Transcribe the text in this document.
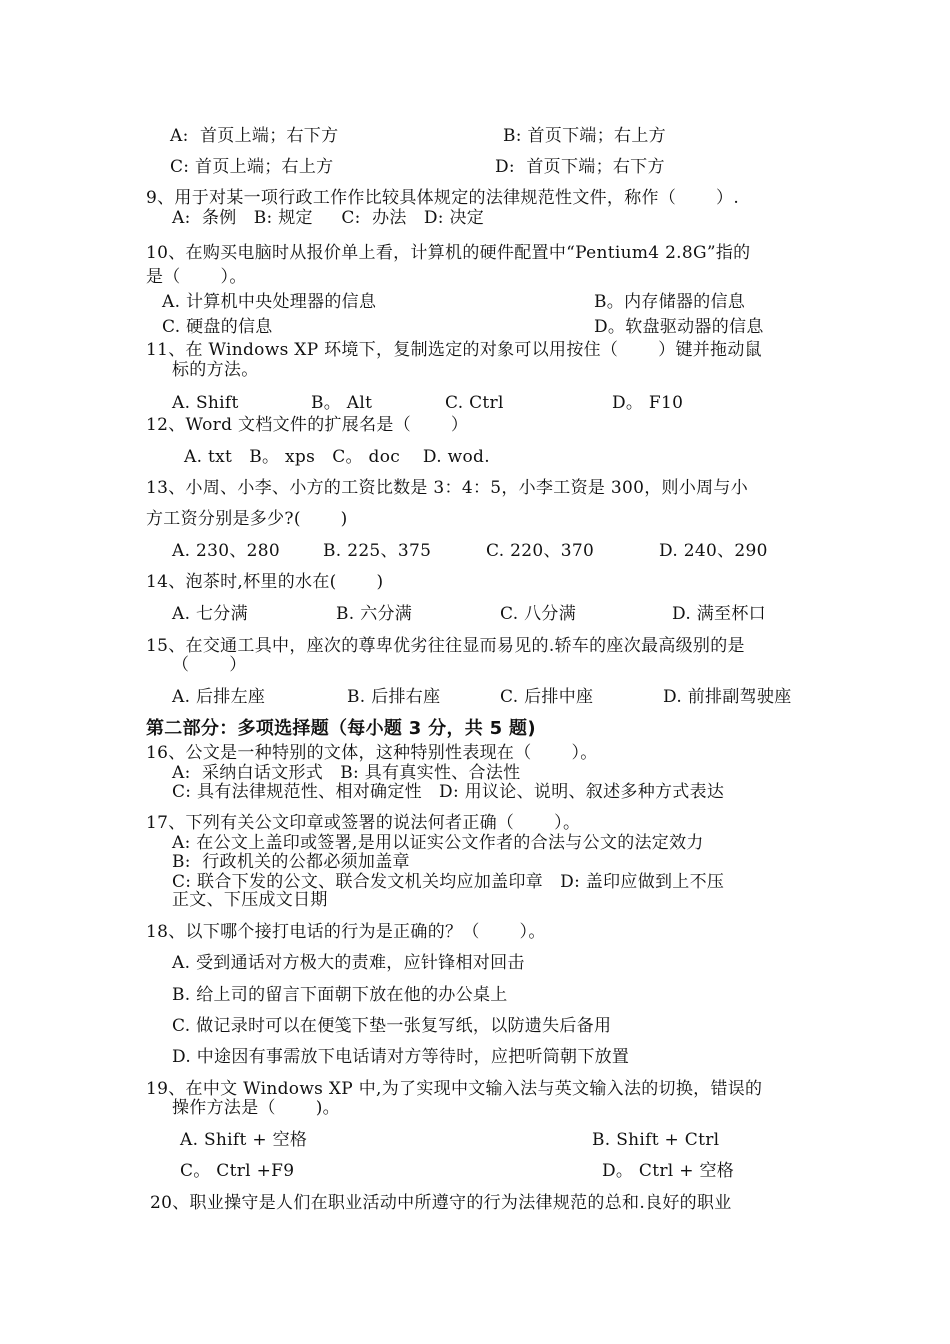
A:  首页上端；右下方	B: 首页下端；右上方
C: 首页上端；右上方	D:  首页下端；右下方
9、用于对某一项行政工作作比较具体规定的法律规范性文件，称作（       ）.
A:  条例   B: 规定     C:  办法   D: 决定
10、在购买电脑时从报价单上看，计算机的硬件配置中“Pentium4 2.8G”指的
是（       ）。
A. 计算机中央处理器的信息	B。内存储器的信息
C. 硬盘的信息	D。软盘驱动器的信息
11、在 Windows XP 环境下，复制选定的对象可以用按住（       ）键并拖动鼠
标的方法。
A. Shift	B。 Alt	C. Ctrl	D。 F10
12、Word 文档文件的扩展名是（       ）
A. txt   B。 xps   C。 doc    D. wod.
13、小周、小李、小方的工资比数是 3：4：5，小李工资是 300，则小周与小
方工资分别是多少?(       )
A. 230、280	B. 225、375	C. 220、370	D. 240、290
14、泡茶时,杯里的水在(       )
A. 七分满	B. 六分满	C. 八分满	D. 满至杯口
15、在交通工具中，座次的尊卑优劣往往显而易见的.轿车的座次最高级别的是
（       ）
A. 后排左座	B. 后排右座	C. 后排中座	D. 前排副驾驶座
第二部分：多项选择题（每小题 3 分，共 5 题)
16、公文是一种特别的文体，这种特别性表现在（       ）。
A:  采纳白话文形式   B: 具有真实性、合法性
C: 具有法律规范性、相对确定性   D: 用议论、说明、叙述多种方式表达
17、下列有关公文印章或签署的说法何者正确（       ）。
A: 在公文上盖印或签署,是用以证实公文作者的合法与公文的法定效力
B:  行政机关的公都必须加盖章
C: 联合下发的公文、联合发文机关均应加盖印章   D: 盖印应做到上不压
正文、下压成文日期
18、以下哪个接打电话的行为是正确的？（       ）。
A. 受到通话对方极大的责难，应针锋相对回击
B. 给上司的留言下面朝下放在他的办公桌上
C. 做记录时可以在便笺下垫一张复写纸，以防遗失后备用
D. 中途因有事需放下电话请对方等待时，应把听筒朝下放置
19、在中文 Windows XP 中,为了实现中文输入法与英文输入法的切换，错误的
操作方法是（       )。
A. Shift + 空格	B. Shift + Ctrl
C。 Ctrl +F9	D。 Ctrl + 空格
20、职业操守是人们在职业活动中所遵守的行为法律规范的总和.良好的职业
